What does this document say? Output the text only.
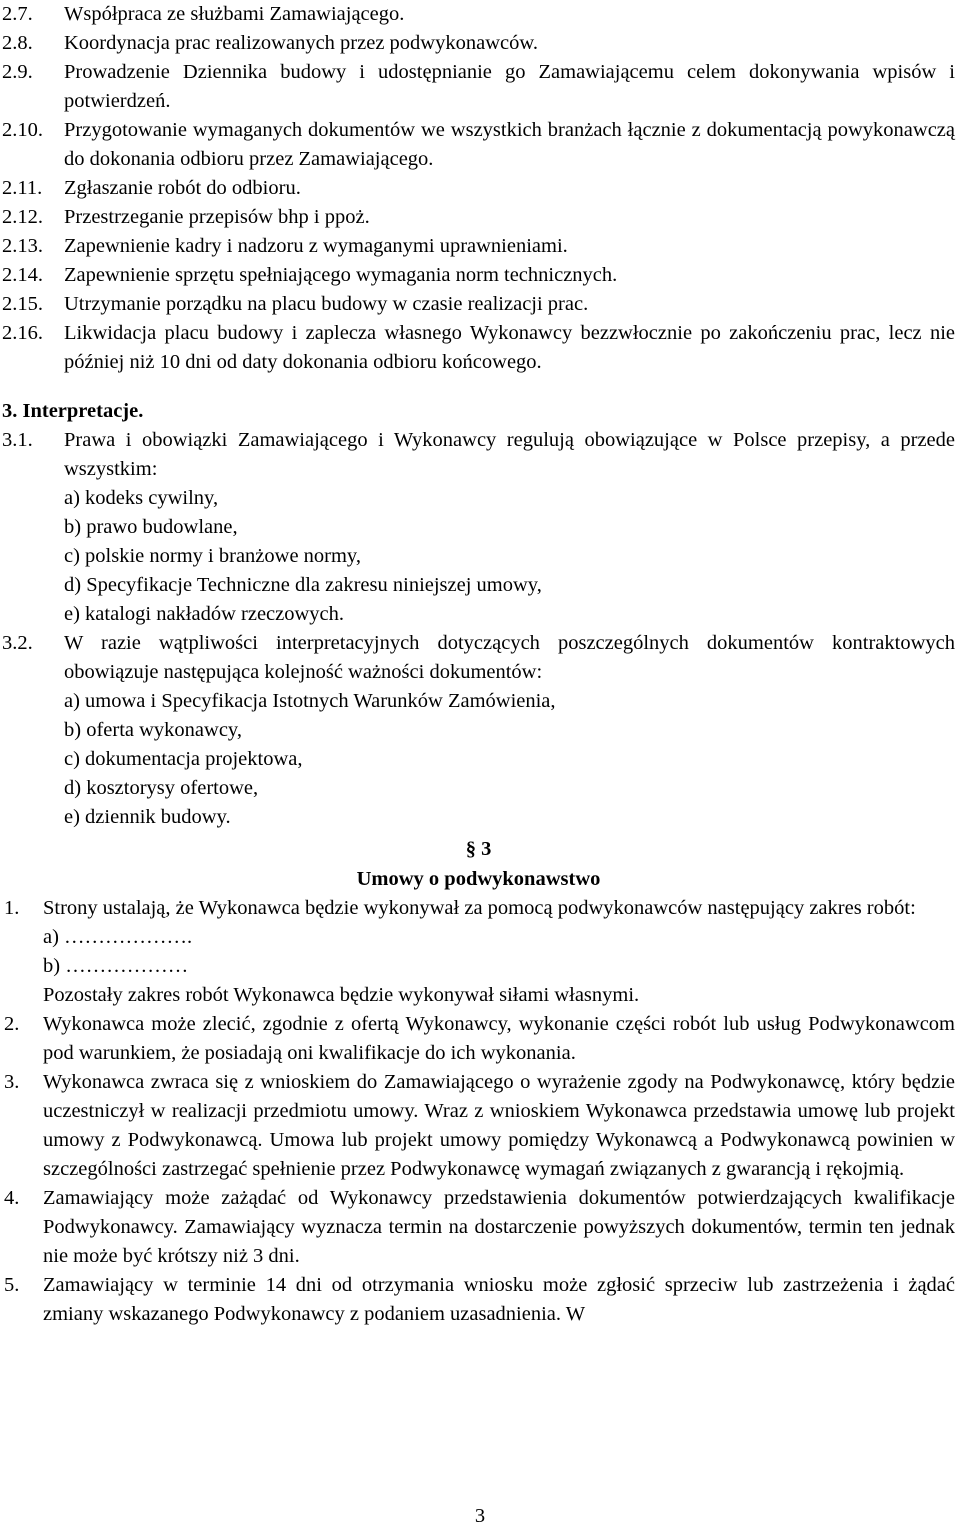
2.7. Współpraca ze służbami Zamawiającego.
2.8. Koordynacja prac realizowanych przez podwykonawców.
2.9. Prowadzenie Dziennika budowy i udostępnianie go Zamawiającemu celem dokonywania wpisów i potwierdzeń.
2.10. Przygotowanie wymaganych dokumentów we wszystkich branżach łącznie z dokumentacją powykonawczą do dokonania odbioru przez Zamawiającego.
2.11. Zgłaszanie robót do odbioru.
2.12. Przestrzeganie przepisów bhp i ppoż.
2.13. Zapewnienie kadry i nadzoru z wymaganymi uprawnieniami.
2.14. Zapewnienie sprzętu spełniającego wymagania norm technicznych.
2.15. Utrzymanie porządku na placu budowy w czasie realizacji prac.
2.16. Likwidacja placu budowy i zaplecza własnego Wykonawcy bezzwłocznie po zakończeniu prac, lecz nie później niż 10 dni od daty dokonania odbioru końcowego.
3. Interpretacje.
3.1. Prawa i obowiązki Zamawiającego i Wykonawcy regulują obowiązujące w Polsce przepisy, a przede wszystkim:
a) kodeks cywilny,
b) prawo budowlane,
c) polskie normy i branżowe normy,
d) Specyfikacje Techniczne dla zakresu niniejszej umowy,
e) katalogi nakładów rzeczowych.
3.2. W razie wątpliwości interpretacyjnych dotyczących poszczególnych dokumentów kontraktowych obowiązuje następująca kolejność ważności dokumentów:
a) umowa i Specyfikacja Istotnych Warunków Zamówienia,
b) oferta wykonawcy,
c) dokumentacja projektowa,
d) kosztorysy ofertowe,
e) dziennik budowy.
§ 3
Umowy o podwykonawstwo
1. Strony ustalają, że Wykonawca będzie wykonywał za pomocą podwykonawców następujący zakres robót:
a) ……………….
b) ………………
Pozostały zakres robót Wykonawca będzie wykonywał siłami własnymi.
2. Wykonawca może zlecić, zgodnie z ofertą Wykonawcy, wykonanie części robót lub usług Podwykonawcom pod warunkiem, że posiadają oni kwalifikacje do ich wykonania.
3. Wykonawca zwraca się z wnioskiem do Zamawiającego o wyrażenie zgody na Podwykonawcę, który będzie uczestniczył w realizacji przedmiotu umowy. Wraz z wnioskiem Wykonawca przedstawia umowę lub projekt umowy z Podwykonawcą. Umowa lub projekt umowy pomiędzy Wykonawcą a Podwykonawcą powinien w szczególności zastrzegać spełnienie przez Podwykonawcę wymagań związanych z gwarancją i rękojmią.
4. Zamawiający może zażądać od Wykonawcy przedstawienia dokumentów potwierdzających kwalifikacje Podwykonawcy. Zamawiający wyznacza termin na dostarczenie powyższych dokumentów, termin ten jednak nie może być krótszy niż 3 dni.
5. Zamawiający w terminie 14 dni od otrzymania wniosku może zgłosić sprzeciw lub zastrzeżenia i żądać zmiany wskazanego Podwykonawcy z podaniem uzasadnienia. W
3
